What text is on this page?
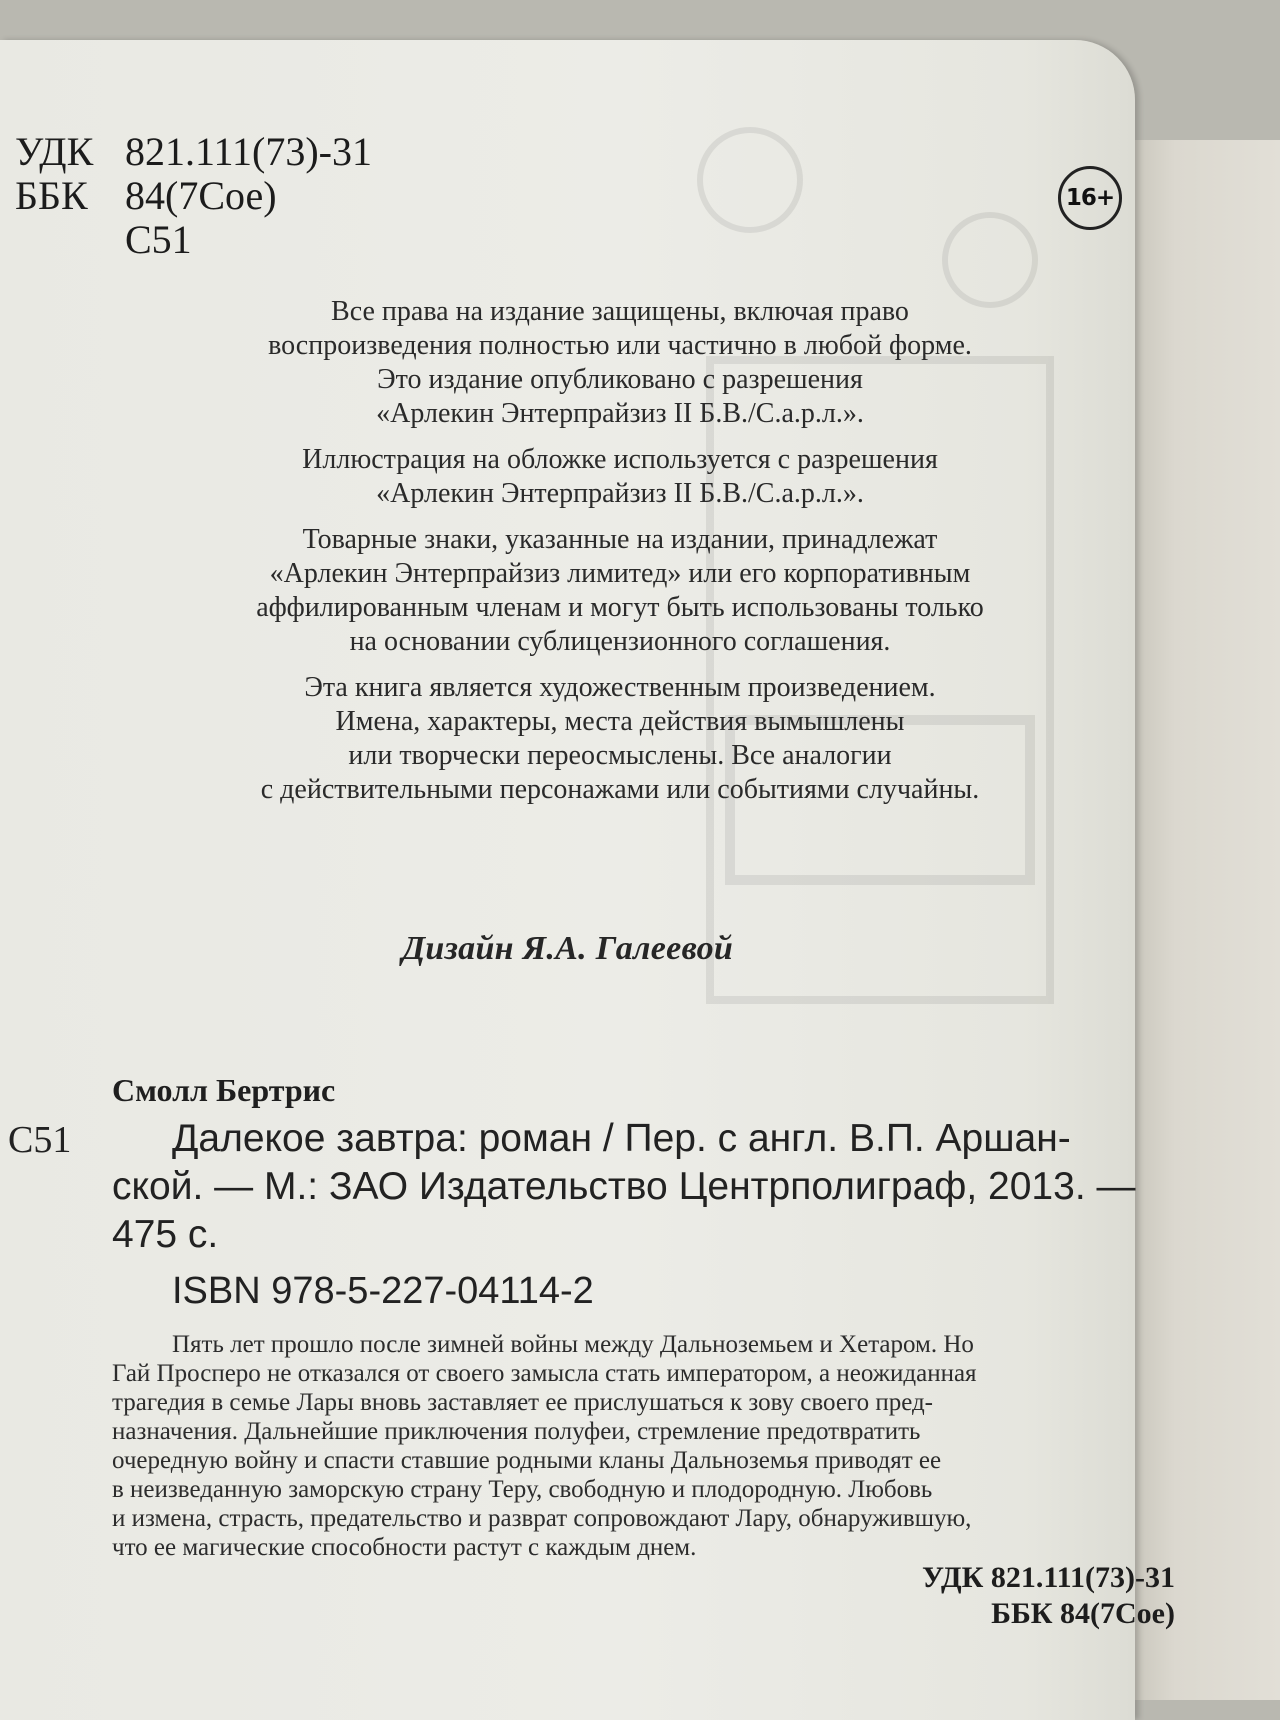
УДК 821.111(73)-31
ББК 84(7Сое)
С51
16+

Все права на издание защищены, включая право
воспроизведения полностью или частично в любой форме.
Это издание опубликовано с разрешения
«Арлекин Энтерпрайзиз II Б.В./С.а.р.л.».

Иллюстрация на обложке используется с разрешения
«Арлекин Энтерпрайзиз II Б.В./С.а.р.л.».

Товарные знаки, указанные на издании, принадлежат
«Арлекин Энтерпрайзиз лимитед» или его корпоративным
аффилированным членам и могут быть использованы только
на основании сублицензионного соглашения.

Эта книга является художественным произведением.
Имена, характеры, места действия вымышлены
или творчески переосмыслены. Все аналогии
с действительными персонажами или событиями случайны.

Дизайн Я.А. Галеевой
Смолл Бертрис
С51	Далекое завтра: роман / Пер. с англ. В.П. Аршан-
ской. — М.: ЗАО Издательство Центрполиграф, 2013. —
475 с.
ISBN 978-5-227-04114-2
Пять лет прошло после зимней войны между Дальноземьем и Хетаром. Но
Гай Просперо не отказался от своего замысла стать императором, а неожиданная
трагедия в семье Лары вновь заставляет ее прислушаться к зову своего пред-
назначения. Дальнейшие приключения полуфеи, стремление предотвратить
очередную войну и спасти ставшие родными кланы Дальноземья приводят ее
в неизведанную заморскую страну Теру, свободную и плодородную. Любовь
и измена, страсть, предательство и разврат сопровождают Лару, обнаружившую,
что ее магические способности растут с каждым днем.
УДК 821.111(73)-31
ББК 84(7Сое)
